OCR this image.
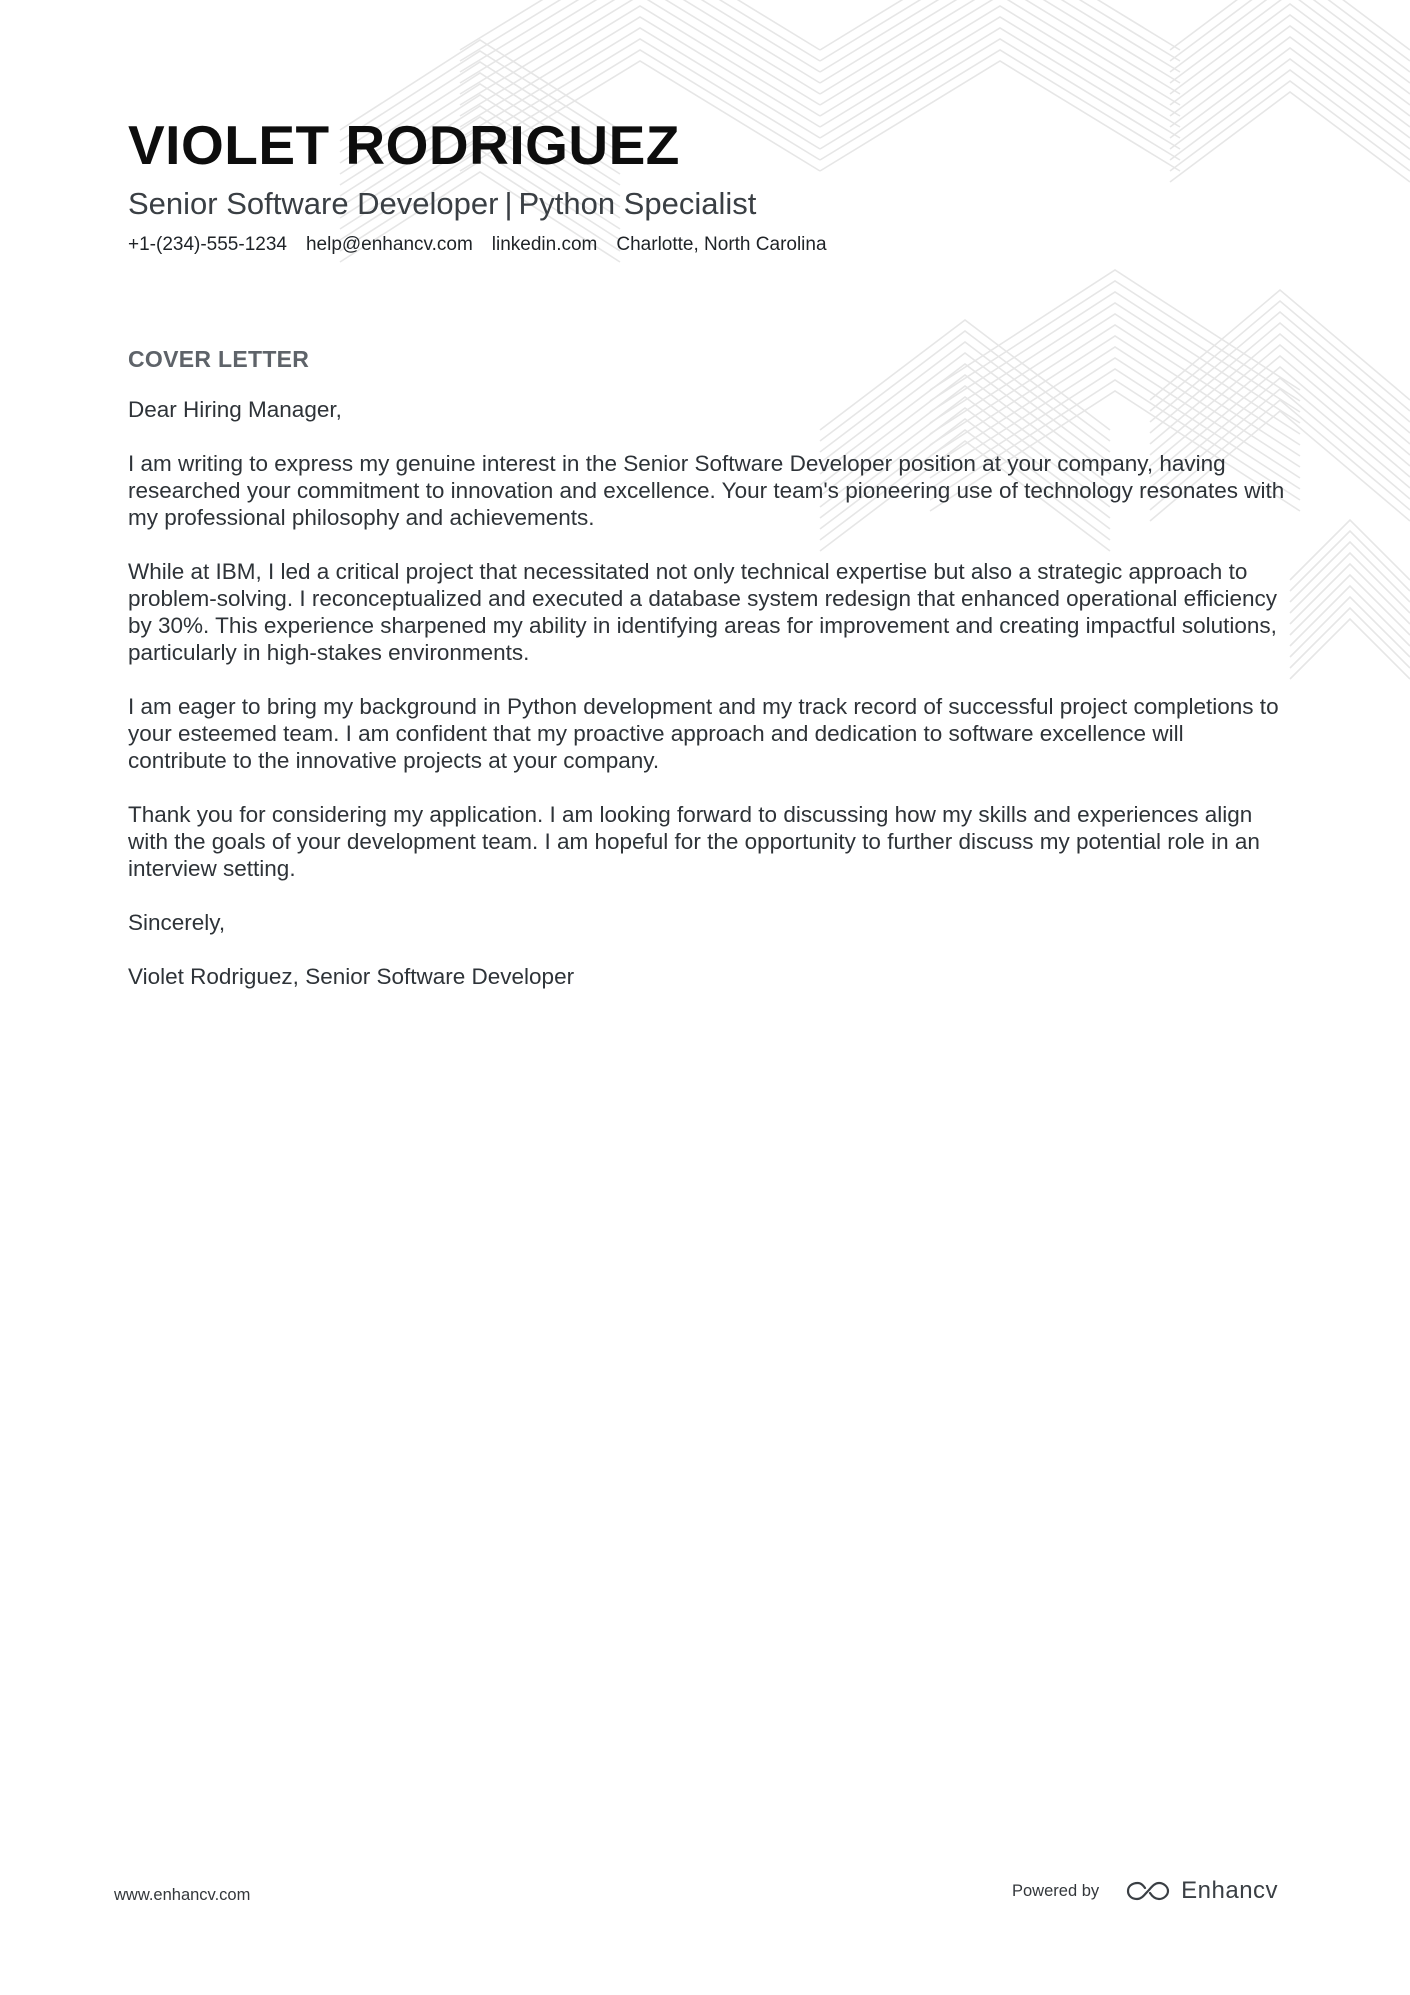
VIOLET RODRIGUEZ
Senior Software Developer | Python Specialist
+1-(234)-555-1234 help@enhancv.com linkedin.com Charlotte, North Carolina
COVER LETTER

Dear Hiring Manager,

I am writing to express my genuine interest in the Senior Software Developer position at your company, having researched your commitment to innovation and excellence. Your team's pioneering use of technology resonates with my professional philosophy and achievements.

While at IBM, I led a critical project that necessitated not only technical expertise but also a strategic approach to problem-solving. I reconceptualized and executed a database system redesign that enhanced operational efficiency by 30%. This experience sharpened my ability in identifying areas for improvement and creating impactful solutions, particularly in high-stakes environments.

I am eager to bring my background in Python development and my track record of successful project completions to your esteemed team. I am confident that my proactive approach and dedication to software excellence will contribute to the innovative projects at your company.

Thank you for considering my application. I am looking forward to discussing how my skills and experiences align with the goals of your development team. I am hopeful for the opportunity to further discuss my potential role in an interview setting.

Sincerely,

Violet Rodriguez, Senior Software Developer

www.enhancv.com	Powered by	Enhancv
